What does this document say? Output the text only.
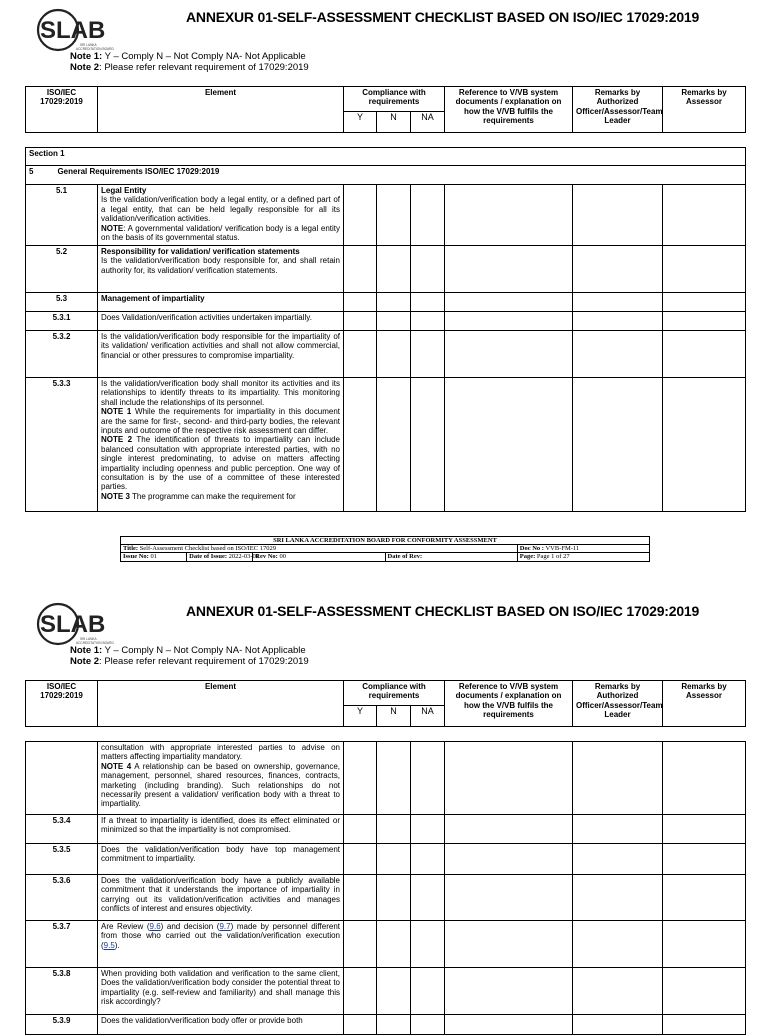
SLAB
SRI LANKA
ACCREDITATION BOARD
ANNEXUR 01-SELF-ASSESSMENT CHECKLIST BASED ON ISO/IEC 17029:2019
Note 1: Y – Comply N – Not Comply NA- Not Applicable
Note 2: Please refer relevant requirement of 17029:2019
ISO/IEC 17029:2019	Element	Compliance with requirements			Reference to V/VB system documents / explanation on how the V/VB fulfils the requirements	Remarks by Authorized Officer/Assessor/Team Leader	Remarks by Assessor
		Y	N	NA			
Section 1							
5 General Requirements ISO/IEC 17029:2019							
5.1	Legal Entity
Is the validation/verification body a legal entity, or a defined part of a legal entity, that can be held legally responsible for all its validation/verification activities.
NOTE: A governmental validation/ verification body is a legal entity on the basis of its governmental status.						
5.2	Responsibility for validation/ verification statements
Is the validation/verification body responsible for, and shall retain authority for, its validation/ verification statements.						
5.3	Management of impartiality						
5.3.1	Does Validation/verification activities undertaken impartially.						
5.3.2	Is the validation/verification body responsible for the impartiality of its validation/ verification activities and shall not allow commercial, financial or other pressures to compromise impartiality.						
5.3.3	Is the validation/verification body shall monitor its activities and its relationships to identify threats to its impartiality. This monitoring shall include the relationships of its personnel.
NOTE 1 While the requirements for impartiality in this document are the same for first-, second- and third-party bodies, the relevant inputs and outcome of the respective risk assessment can differ.
NOTE 2 The identification of threats to impartiality can include balanced consultation with appropriate interested parties, with no single interest predominating, to advise on matters affecting impartiality including openness and public perception. One way of consultation is by the use of a committee of these interested parties.
NOTE 3 The programme can make the requirement for						
SRI LANKA ACCREDITATION BOARD FOR CONFORMITY ASSESSMENT				
Title: Self-Assessment Checklist based on ISO/IEC 17029				Doc No : VVB-FM-11
Issue No: 01	Date of Issue: 2022-03-01	Rev No: 00	Date of Rev:	Page: Page 1 of 27
SLAB
SRI LANKA
ACCREDITATION BOARD
ANNEXUR 01-SELF-ASSESSMENT CHECKLIST BASED ON ISO/IEC 17029:2019
Note 1: Y – Comply N – Not Comply NA- Not Applicable
Note 2: Please refer relevant requirement of 17029:2019
ISO/IEC 17029:2019	Element	Compliance with requirements			Reference to V/VB system documents / explanation on how the V/VB fulfils the requirements	Remarks by Authorized Officer/Assessor/Team Leader	Remarks by Assessor
		Y	N	NA			
	consultation with appropriate interested parties to advise on matters affecting impartiality mandatory.
NOTE 4 A relationship can be based on ownership, governance, management, personnel, shared resources, finances, contracts, marketing (including branding). Such relationships do not necessarily present a validation/ verification body with a threat to impartiality.						
5.3.4	If a threat to impartiality is identified, does its effect eliminated or minimized so that the impartiality is not compromised.						
5.3.5	Does the validation/verification body have top management commitment to impartiality.						
5.3.6	Does the validation/verification body have a publicly available commitment that it understands the importance of impartiality in carrying out its validation/verification activities and manages conflicts of interest and ensures objectivity.						
5.3.7	Are Review (9.6) and decision (9.7) made by personnel different from those who carried out the validation/verification execution (9.5).						
5.3.8	When providing both validation and verification to the same client, Does the validation/verification body consider the potential threat to impartiality (e.g. self-review and familiarity) and shall manage this risk accordingly?						
5.3.9	Does the validation/verification body offer or provide both						
